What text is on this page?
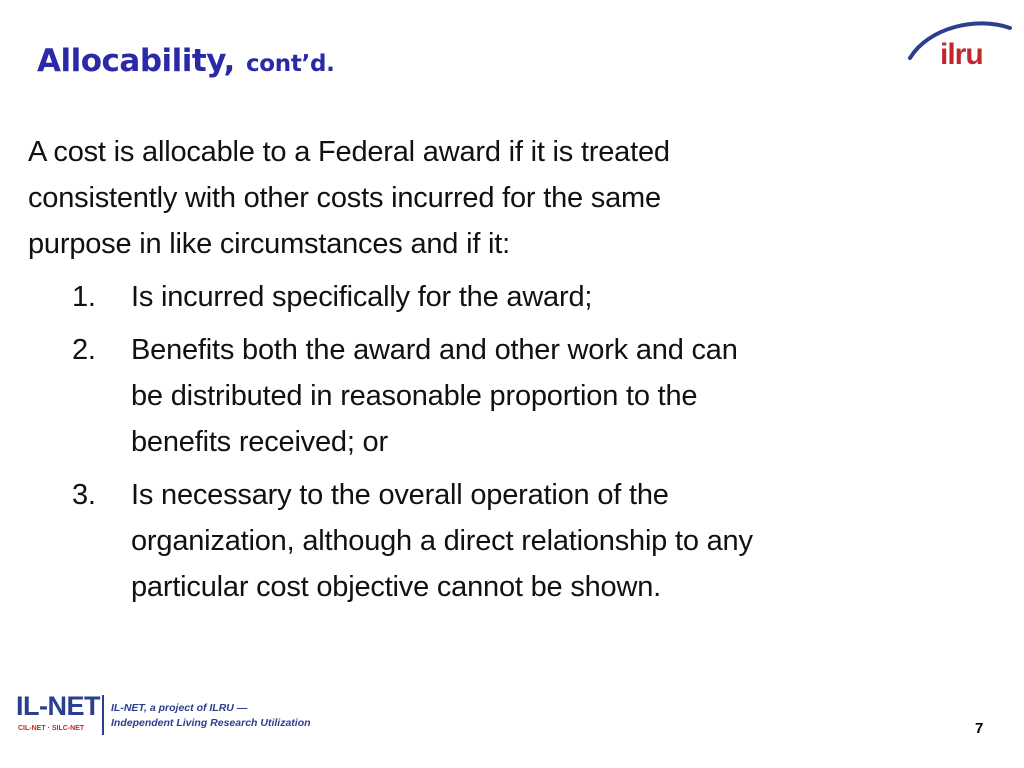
Allocability, cont’d.	ilru

A cost is allocable to a Federal award if it is treated
consistently with other costs incurred for the same
purpose in like circumstances and if it:

1. Is incurred specifically for the award;
2. Benefits both the award and other work and can
be distributed in reasonable proportion to the
benefits received; or
3. Is necessary to the overall operation of the
organization, although a direct relationship to any
particular cost objective cannot be shown.
IL-NET
CIL-NET · SILC-NET
IL-NET, a project of ILRU —
Independent Living Research Utilization	7
